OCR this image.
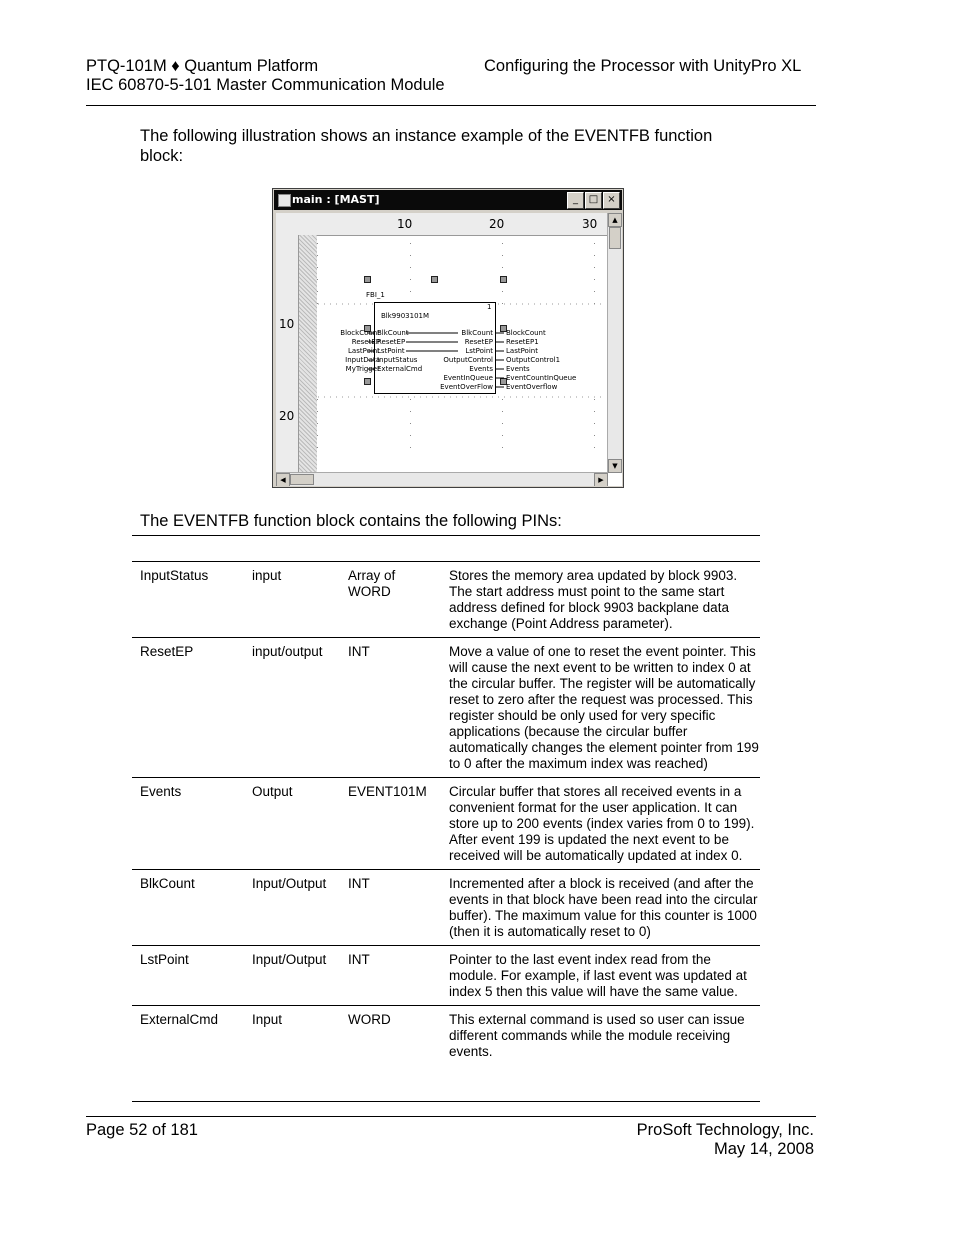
PTQ-101M ♦ Quantum Platform
IEC 60870-5-101 Master Communication Module
Configuring the Processor with UnityPro XL
The following illustration shows an instance example of the EVENTFB function block:
main : [MAST]	_	□ ×
10	20	30
10
20
FBI_1
1
Blk9903101M
BlkCount
ResetEP
LstPoint
InputStatus
ExternalCmd
BlkCount
ResetEP
LstPoint
OutputControl
Events
EventInQueue
EventOverFlow
BlockCount
ResetEP
LastPoint
InputData
MyTrigger
BlockCount
ResetEP1
LastPoint
OutputControl1
Events
EventCountInQueue
EventOverflow
▲
▼
◀	▶
The EVENTFB function block contains the following PINs:

InputStatus	input	Array of WORD	Stores the memory area updated by block 9903. The start address must point to the same start address defined for block 9903 backplane data exchange (Point Address parameter).

ResetEP	input/output	INT	Move a value of one to reset the event pointer. This will cause the next event to be written to index 0 at the circular buffer. The register will be automatically reset to zero after the request was processed. This register should be only used for very specific applications (because the circular buffer automatically changes the element pointer from 199 to 0 after the maximum index was reached)

Events	Output	EVENT101M	Circular buffer that stores all received events in a convenient format for the user application. It can store up to 200 events (index varies from 0 to 199). After event 199 is updated the next event to be received will be automatically updated at index 0.

BlkCount	Input/Output	INT	Incremented after a block is received (and after the events in that block have been read into the circular buffer). The maximum value for this counter is 1000 (then it is automatically reset to 0)

LstPoint	Input/Output	INT	Pointer to the last event index read from the module. For example, if last event was updated at index 5 then this value will have the same value.

ExternalCmd	Input	WORD	This external command is used so user can issue different commands while the module receiving events.
Page 52 of 181	ProSoft Technology, Inc.
May 14, 2008
